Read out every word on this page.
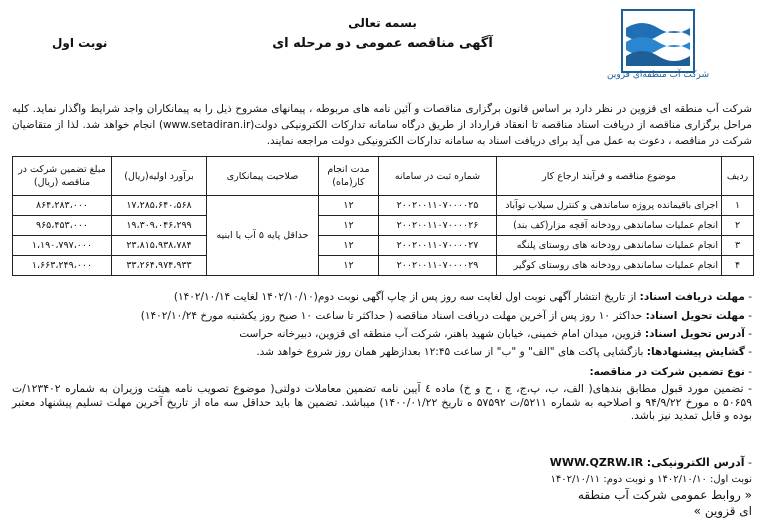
بسمه تعالی
آگهی مناقصه عمومی دو مرحله ای
نوبت اول
شرکت آب منطقه‌ای قزوین
شرکت آب منطقه ای قزوین در نظر دارد بر اساس قانون برگزاری مناقصات و آئین نامه های مربوطه ، پیمانهای مشروح ذیل را به پیمانکاران واجد شرایط واگذار نماید. کلیه مراحل برگزاری مناقصه از دریافت اسناد مناقصه تا انعقاد قرارداد از طریق درگاه سامانه تدارکات الکترونیکی دولت(www.setadiran.ir) انجام خواهد شد. لذا از متقاضیان شرکت در مناقصه ، دعوت به عمل می آید برای دریافت اسناد به سامانه تدارکات الکترونیکی دولت مراجعه نمایند.
ردیف	موضوع مناقصه و فرآیند ارجاع کار	شماره ثبت در سامانه	مدت انجام کار(ماه)	صلاحیت پیمانکاری	برآورد اولیه(ریال)	مبلغ تضمین شرکت در مناقصه (ریال)
۱	اجرای باقیمانده پروژه ساماندهی و کنترل سیلاب توآباد	۲۰۰۲۰۰۱۱۰۷۰۰۰۰۲۵	۱۲	حداقل پایه ۵ آب یا ابنیه	۱۷،۲۸۵،۶۴۰،۵۶۸	۸۶۴،۲۸۳،۰۰۰
۲	انجام عملیات ساماندهی رودخانه آقچه مزار(کف بند)	۲۰۰۲۰۰۱۱۰۷۰۰۰۰۲۶	۱۲		۱۹،۳۰۹،۰۴۶،۲۹۹	۹۶۵،۴۵۳،۰۰۰
۳	انجام عملیات ساماندهی رودخانه های روستای پلنگه	۲۰۰۲۰۰۱۱۰۷۰۰۰۰۲۷	۱۲		۲۳،۸۱۵،۹۳۸،۷۸۴	۱،۱۹۰،۷۹۷،۰۰۰
۴	انجام عملیات ساماندهی رودخانه های روستای کوگیر	۲۰۰۲۰۰۱۱۰۷۰۰۰۰۲۹	۱۲		۳۳،۲۶۴،۹۷۴،۹۳۳	۱،۶۶۳،۲۴۹،۰۰۰
- مهلت دریافت اسناد: از تاریخ انتشار آگهی نوبت اول لغایت سه روز پس از چاپ آگهی نوبت دوم(۱۴۰۲/۱۰/۱۰ لغایت ۱۴۰۲/۱۰/۱۴)
- مهلت تحویل اسناد: حداکثر ۱۰ روز پس از آخرین مهلت دریافت اسناد مناقصه ( حداکثر تا ساعت ۱۰ صبح روز یکشنبه مورخ ۱۴۰۲/۱۰/۲۴)
- آدرس تحویل اسناد: قزوین، میدان امام خمینی، خیابان شهید باهنر، شرکت آب منطقه ای قزوین، دبیرخانه حراست
- گشایش پیشنهادها: بازگشایی پاکت های "الف" و "ب" از ساعت ۱۲:۴۵ بعدازظهر همان روز شروع خواهد شد.
- نوع تضمین شرکت در مناقصه:
- تضمین مورد قبول مطابق بندهای( الف، ب، پ،ج، چ ، ح و خ) ماده ٤ آیین نامه تضمین معاملات دولتی( موضوع تصویب نامه هیئت وزیران به شماره ۱۲۳۴۰۲/ت ۵۰۶۵۹ ه مورخ ۹۴/۹/۲۲ و اصلاحیه به شماره ۵۲۱۱/ت ۵۷۵۹۲ ه تاریخ ۱۴۰۰/۰۱/۲۲) میباشد. تضمین ها باید حداقل سه ماه از تاریخ آخرین مهلت تسلیم پیشنهاد معتبر بوده و قابل تمدید نیز باشد.
- آدرس الکترونیکی: WWW.QZRW.IR
نوبت اول: ۱۴۰۲/۱۰/۱۰ و نوبت دوم: ۱۴۰۲/۱۰/۱۱
« روابط عمومی شرکت آب منطقه
ای قزوین »
